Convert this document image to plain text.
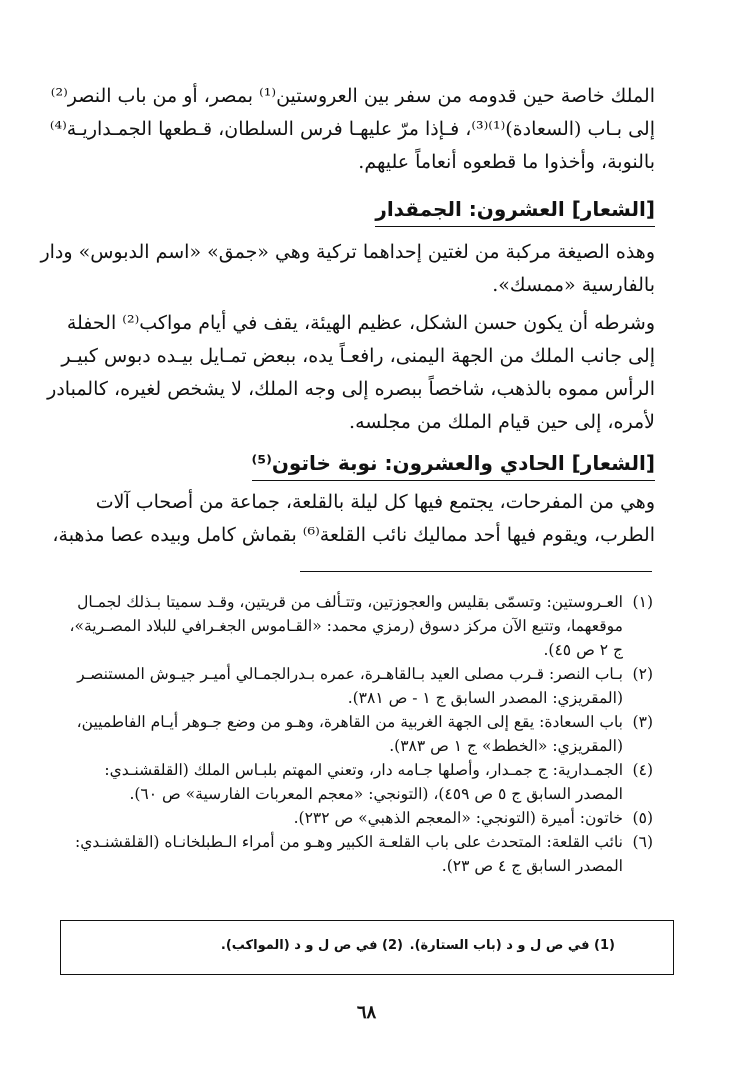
الملك خاصة حين قدومه من سفر بين العروستين⁽¹⁾ بمصر، أو من باب النصر⁽²⁾
إلى بـاب (السعادة)⁽¹⁾⁽³⁾، فـإذا مرّ عليهـا فرس السلطان، قـطعها الجمـداريـة⁽⁴⁾
بالنوبة، وأخذوا ما قطعوه أنعاماً عليهم.
[الشعار] العشرون: الجمقدار
وهذه الصيغة مركبة من لغتين إحداهما تركية وهي «جمق» «اسم الدبوس» ودار
بالفارسية «ممسك».
وشرطه أن يكون حسن الشكل، عظيم الهيئة، يقف في أيام مواكب⁽²⁾ الحفلة
إلى جانب الملك من الجهة اليمنى، رافعـاً يده، ببعض تمـايل بيـده دبوس كبيـر
الرأس مموه بالذهب، شاخصاً ببصره إلى وجه الملك، لا يشخص لغيره، كالمبادر
لأمره، إلى حين قيام الملك من مجلسه.
[الشعار] الحادي والعشرون: نوبة خاتون⁽⁵⁾
وهي من المفرحات، يجتمع فيها كل ليلة بالقلعة، جماعة من أصحاب آلات
الطرب، ويقوم فيها أحد مماليك نائب القلعة⁽⁶⁾ بقماش كامل وبيده عصا مذهبة،
(١)
العـروستين: وتسمّى بقليس والعجوزتين، وتتـألف من قريتين، وقـد سميتا بـذلك لجمـال
موقعهما، وتتبع الآن مركز دسوق (رمزي محمد: «القـاموس الجغـرافي للبلاد المصـرية»،
ج ٢ ص ٤٥).
(٢)
بـاب النصر: قـرب مصلى العيد بـالقاهـرة، عمره بـدرالجمـالي أميـر جيـوش المستنصـر
(المقريزي: المصدر السابق ج ١ - ص ٣٨١).
(٣)
باب السعادة: يقع إلى الجهة الغربية من القاهرة، وهـو من وضع جـوهر أيـام الفاطميين،
(المقريزي: «الخطط» ج ١ ص ٣٨٣).
(٤)
الجمـدارية: ج جمـدار، وأصلها جـامه دار، وتعني المهتم بلبـاس الملك (القلقشنـدي:
المصدر السابق ج ٥ ص ٤٥٩)، (التونجي: «معجم المعربات الفارسية» ص ٦٠).
(٥)
خاتون: أميرة (التونجي: «المعجم الذهبي» ص ٢٣٢).
(٦)
نائب القلعة: المتحدث على باب القلعـة الكبير وهـو من أمراء الـطبلخانـاه (القلقشنـدي:
المصدر السابق ج ٤ ص ٢٣).
(1) في ص ل و د (باب الستارة).
(2) في ص ل و د (المواكب).
٦٨
